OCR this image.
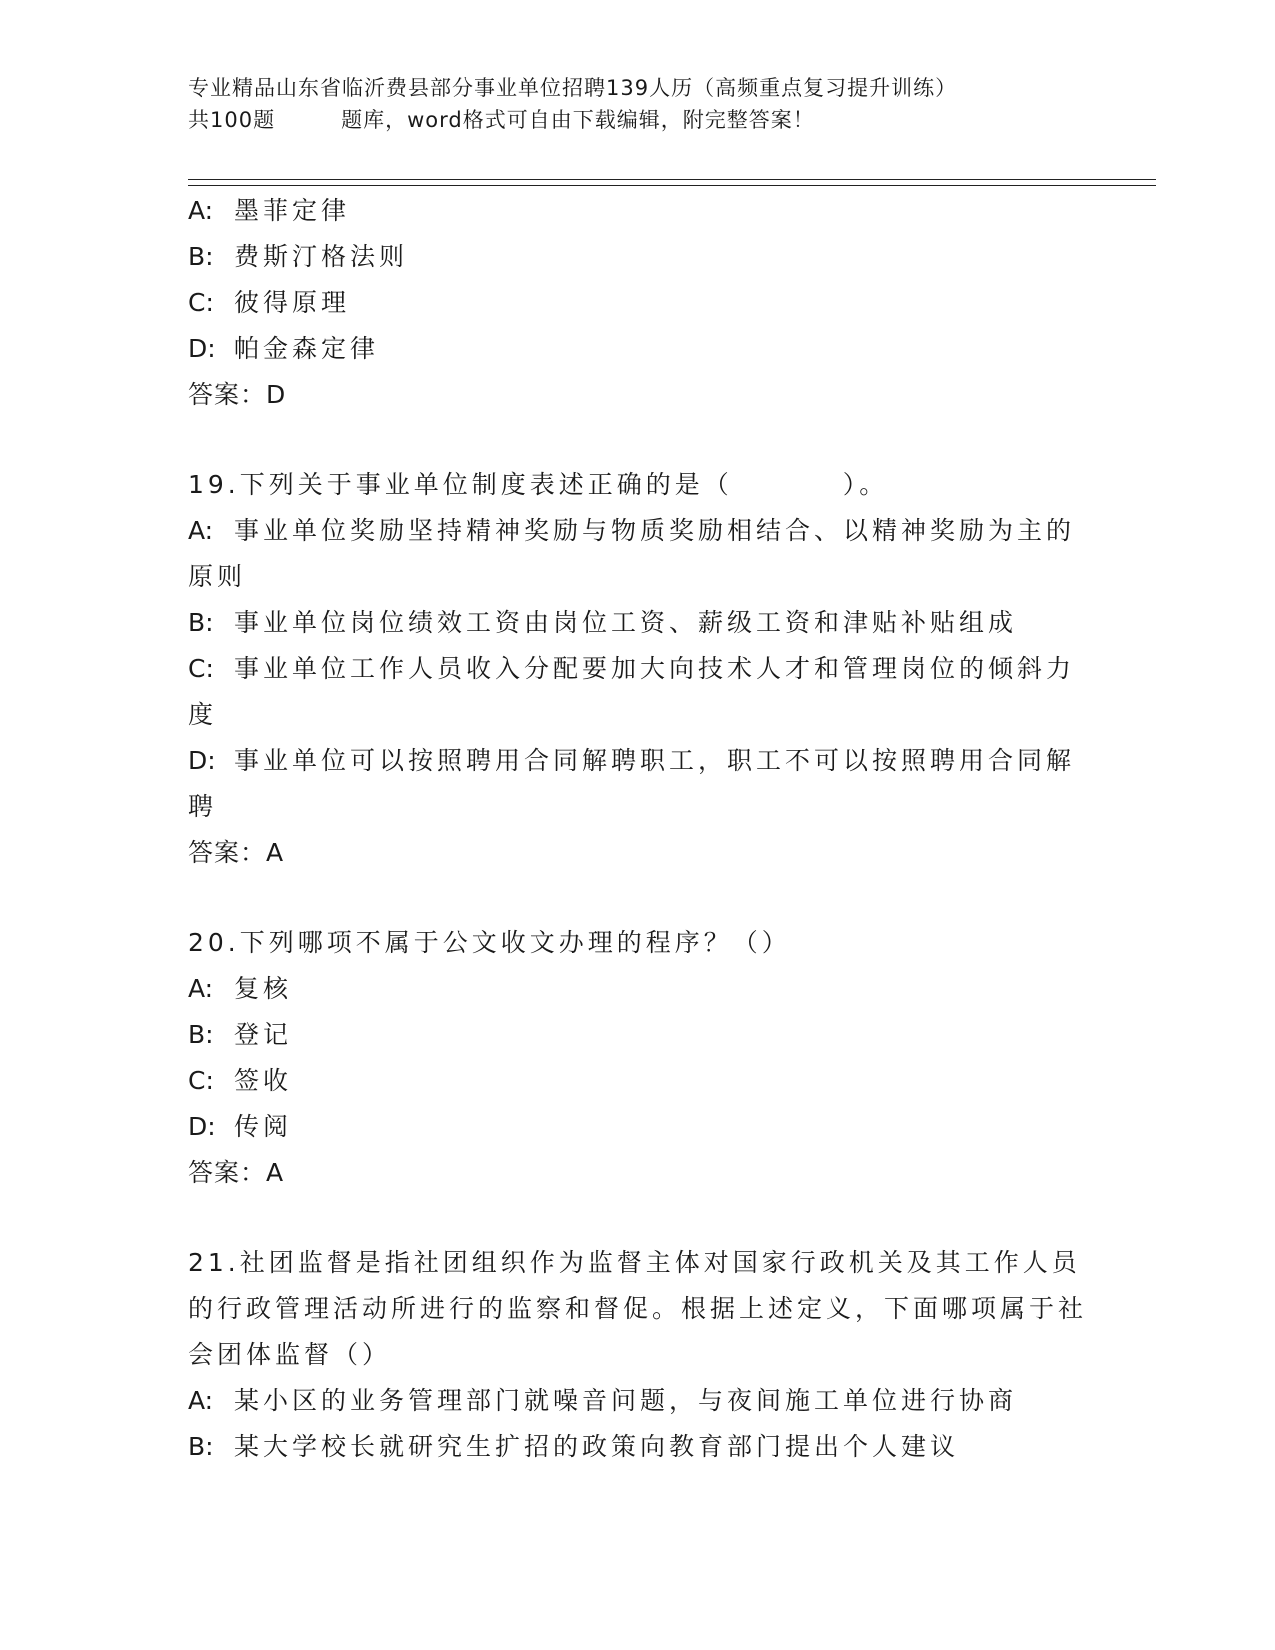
专业精品山东省临沂费县部分事业单位招聘139人历（高频重点复习提升训练）
共100题	题库，word格式可自由下载编辑，附完整答案！
A: 墨菲定律
B: 费斯汀格法则
C: 彼得原理
D: 帕金森定律
答案：D
19.下列关于事业单位制度表述正确的是（	）。
A: 事业单位奖励坚持精神奖励与物质奖励相结合、以精神奖励为主的原则
B: 事业单位岗位绩效工资由岗位工资、薪级工资和津贴补贴组成
C: 事业单位工作人员收入分配要加大向技术人才和管理岗位的倾斜力度
D: 事业单位可以按照聘用合同解聘职工，职工不可以按照聘用合同解聘
答案：A
20.下列哪项不属于公文收文办理的程序？（）
A: 复核
B: 登记
C: 签收
D: 传阅
答案：A
21.社团监督是指社团组织作为监督主体对国家行政机关及其工作人员的行政管理活动所进行的监察和督促。根据上述定义，下面哪项属于社会团体监督（）
A: 某小区的业务管理部门就噪音问题，与夜间施工单位进行协商
B: 某大学校长就研究生扩招的政策向教育部门提出个人建议
